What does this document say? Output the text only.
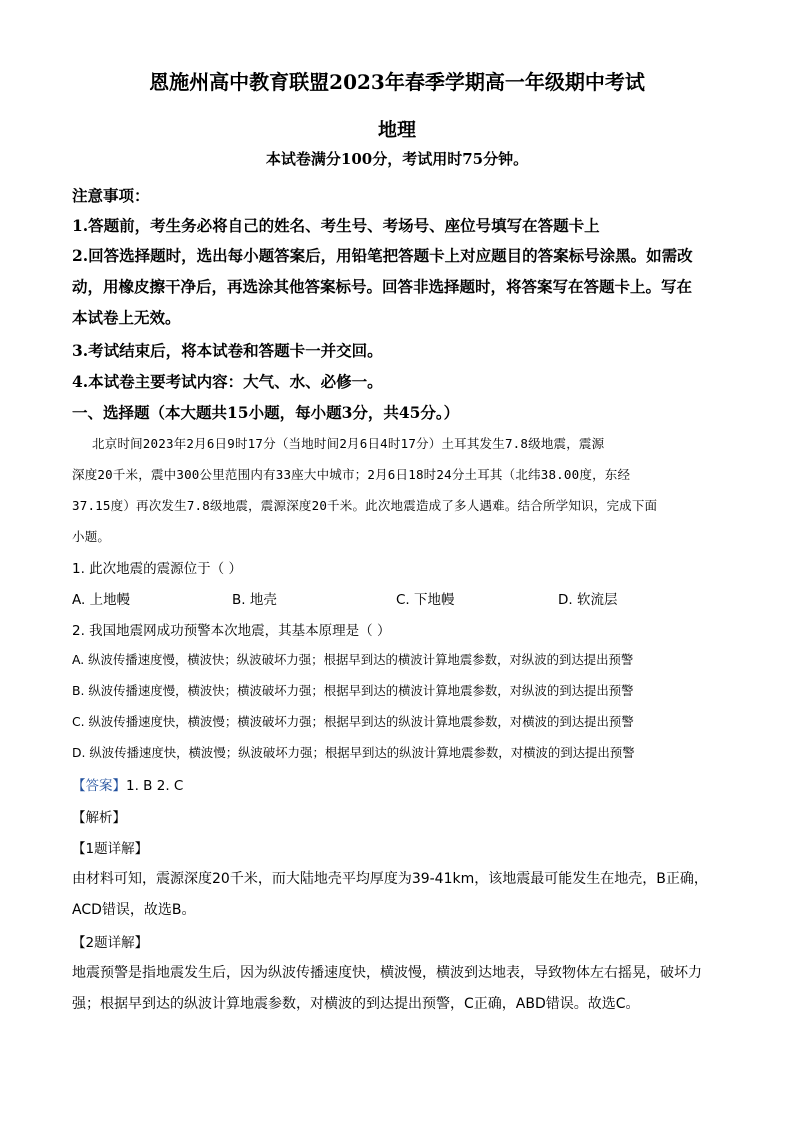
恩施州高中教育联盟2023年春季学期高一年级期中考试
地理
本试卷满分100分，考试用时75分钟。
注意事项：
1.答题前，考生务必将自己的姓名、考生号、考场号、座位号填写在答题卡上
2.回答选择题时，选出每小题答案后，用铅笔把答题卡上对应题目的答案标号涂黑。如需改
动，用橡皮擦干净后，再选涂其他答案标号。回答非选择题时，将答案写在答题卡上。写在
本试卷上无效。
3.考试结束后，将本试卷和答题卡一并交回。
4.本试卷主要考试内容：大气、水、必修一。
一、选择题（本大题共15小题，每小题3分，共45分。）
北京时间2023年2月6日9时17分（当地时间2月6日4时17分）土耳其发生7.8级地震，震源
深度20千米，震中300公里范围内有33座大中城市；2月6日18时24分土耳其（北纬38.00度，东经
37.15度）再次发生7.8级地震，震源深度20千米。此次地震造成了多人遇难。结合所学知识，完成下面
小题。
1. 此次地震的震源位于（ ）
A. 上地幔	B. 地壳	C. 下地幔	D. 软流层
2. 我国地震网成功预警本次地震，其基本原理是（ ）
A. 纵波传播速度慢，横波快；纵波破坏力强；根据早到达的横波计算地震参数，对纵波的到达提出预警
B. 纵波传播速度慢，横波快；横波破坏力强；根据早到达的横波计算地震参数，对纵波的到达提出预警
C. 纵波传播速度快，横波慢；横波破坏力强；根据早到达的纵波计算地震参数，对横波的到达提出预警
D. 纵波传播速度快，横波慢；纵波破坏力强；根据早到达的纵波计算地震参数，对横波的到达提出预警
【答案】1. B 2. C
【解析】
【1题详解】
由材料可知，震源深度20千米，而大陆地壳平均厚度为39-41km，该地震最可能发生在地壳，B正确，
ACD错误，故选B。
【2题详解】
地震预警是指地震发生后，因为纵波传播速度快，横波慢，横波到达地表，导致物体左右摇晃，破坏力
强；根据早到达的纵波计算地震参数，对横波的到达提出预警，C正确，ABD错误。故选C。
